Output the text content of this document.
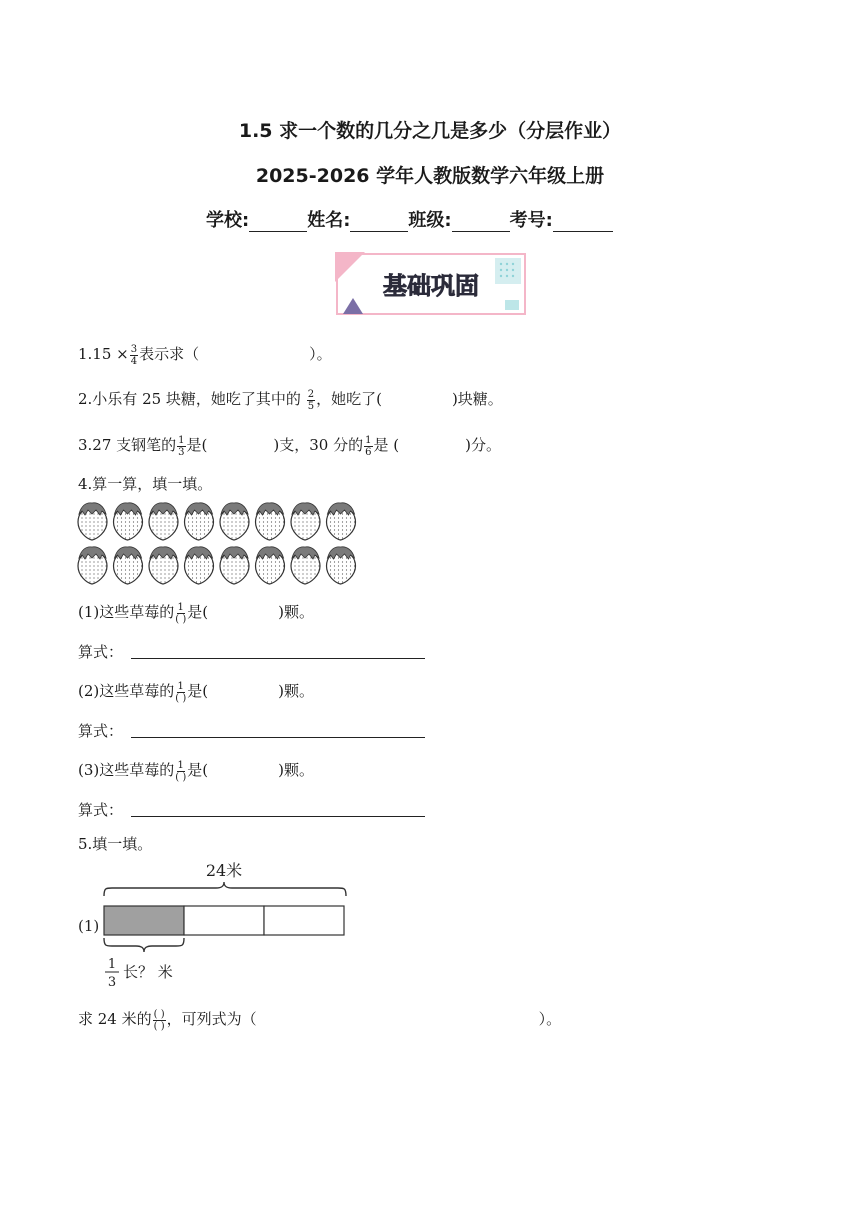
1.5 求一个数的几分之几是多少（分层作业）
2025-2026 学年人教版数学六年级上册
学校:	姓名:	班级:	考号:
基础巩固
$1.15 \times \frac{3}{4}$ 表示求（	）。
2.小乐有 25 块糖，她吃了其中的 $\frac{2}{5}$ ，她吃了(	)块糖。
3.27 支钢笔的 $\frac{1}{3}$ 是(	)支，30 分的 $\frac{1}{6}$ 是 (	)分。
4.算一算，填一填。
(1)这些草莓的 $\frac{1}{( )}$ 是(	)颗。
算式：
(2)这些草莓的 $\frac{1}{( )}$ 是(	)颗。
算式：
(3)这些草莓的 $\frac{1}{( )}$ 是(	)颗。
算式：
5.填一填。
24米
(1)
1
3
长？ 米
求 24 米的 $\frac{( )}{( )}$ ，可列式为（	）。
